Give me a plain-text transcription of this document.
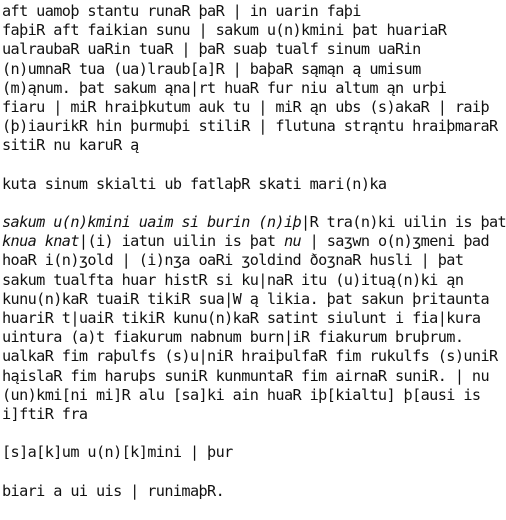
aft uamoþ stantu runaR þaR | in uarin faþi
faþiR aft faikian sunu | sakum u(n)kmini þat huariaR
ualraubaR uaRin tuaR | þaR suaþ tualf sinum uaRin
(n)umnaR tua (ua)lraub[a]R | baþaR sąmąn ą umisum
(m)ąnum. þat sakum ąna|rt huaR fur niu altum ąn urþi
fiaru | miR hraiþkutum auk tu | miR ąn ubs (s)akaR | raiþ
(þ)iaurikR hin þurmuþi stiliR | flutuna strąntu hraiþmaraR
sitiR nu karuR ą
kuta sinum skialti ub fatlaþR skati mari(n)ka
sakum u(n)kmini uaim si burin (n)iþ|R tra(n)ki uilin is þat
knua knat|(i) iatun uilin is þat nu | saʒwn o(n)ʒmeni þad
hoaR i(n)ʒold | (i)nʒa oaRi ʒoldind ðoʒnaR husli | þat
sakum tualfta huar histR si ku|naR itu (u)ituą(n)ki ąn
kunu(n)kaR tuaiR tikiR sua|W ą likia. þat sakun þritaunta
huariR t|uaiR tikiR kunu(n)kaR satint siulunt i fia|kura
uintura (a)t fiakurum nabnum burn|iR fiakurum bruþrum.
ualkaR fim raþulfs (s)u|niR hraiþulfaR fim rukulfs (s)uniR
hąislaR fim haruþs suniR kunmuntaR fim airnaR suniR. | nu
(un)kmi[ni mi]R alu [sa]ki ain huaR iþ[kialtu] þ[ausi is
i]ftiR fra
[s]a[k]um u(n)[k]mini | þur
biari a ui uis | runimaþR.
